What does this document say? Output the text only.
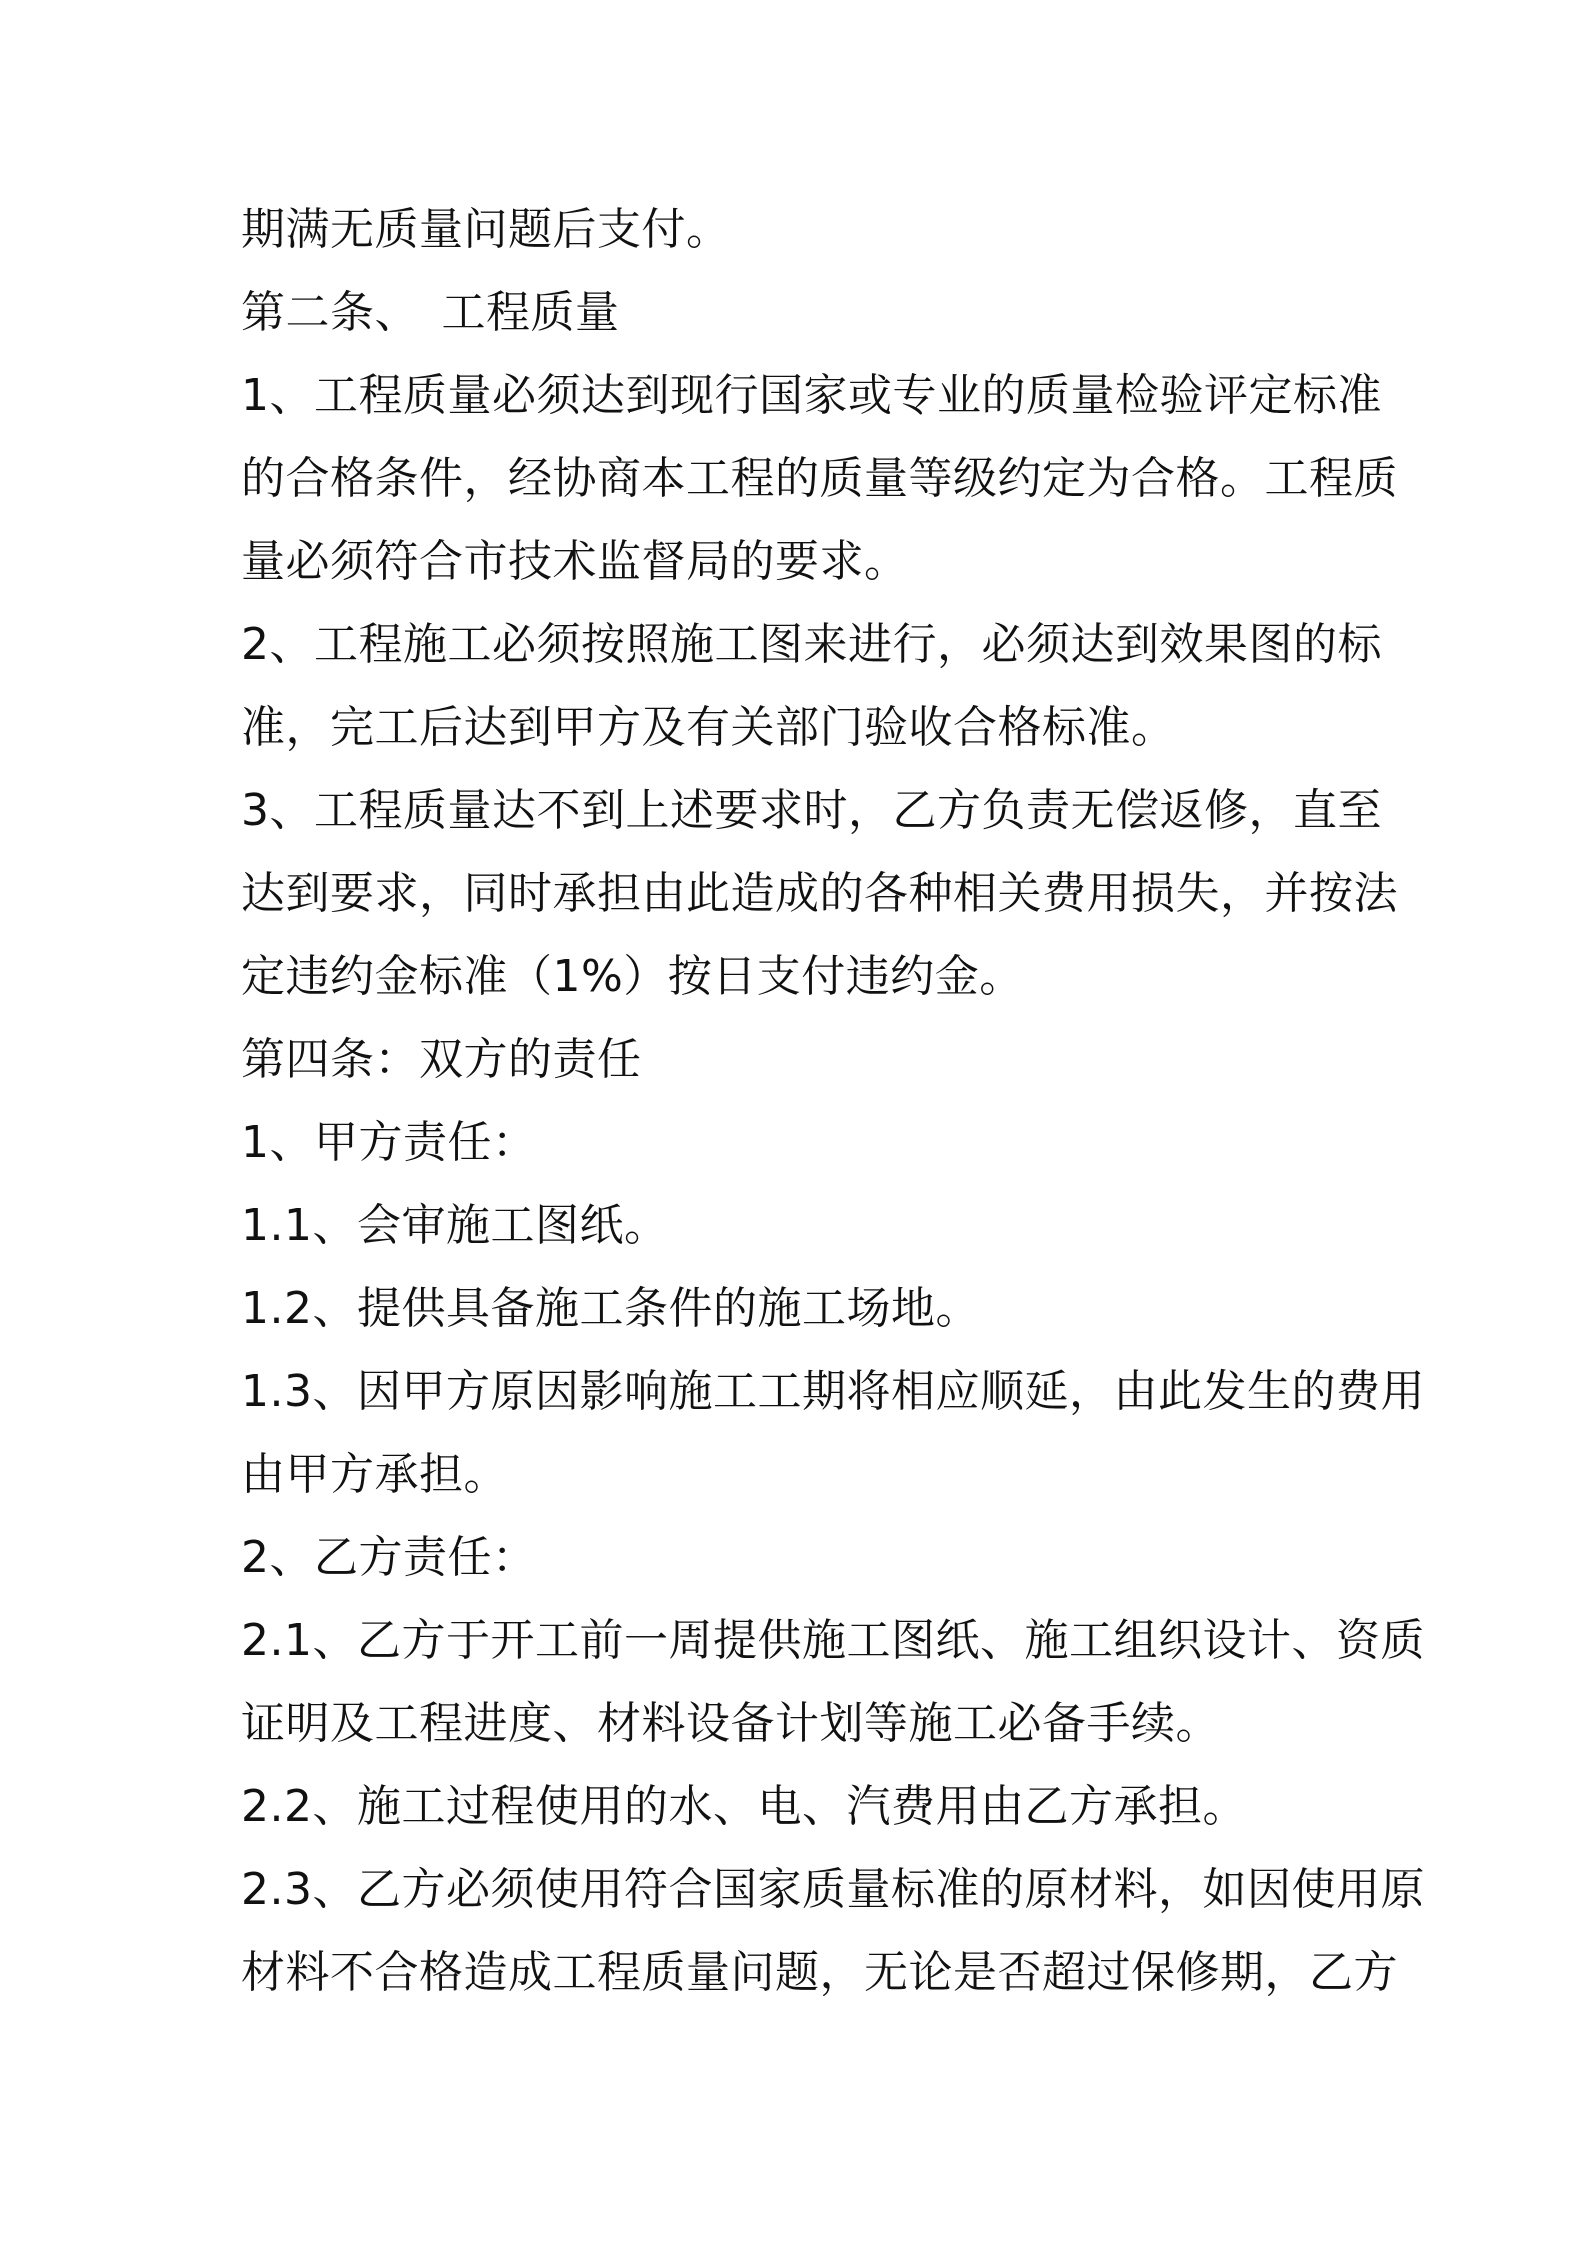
期满无质量问题后支付。
第二条、　工程质量
1、工程质量必须达到现行国家或专业的质量检验评定标准
的合格条件，经协商本工程的质量等级约定为合格。工程质
量必须符合市技术监督局的要求。
2、工程施工必须按照施工图来进行，必须达到效果图的标
准，完工后达到甲方及有关部门验收合格标准。
3、工程质量达不到上述要求时，乙方负责无偿返修，直至
达到要求，同时承担由此造成的各种相关费用损失，并按法
定违约金标准（1%）按日支付违约金。
第四条：双方的责任
1、甲方责任：
1.1、会审施工图纸。
1.2、提供具备施工条件的施工场地。
1.3、因甲方原因影响施工工期将相应顺延，由此发生的费用
由甲方承担。
2、乙方责任：
2.1、乙方于开工前一周提供施工图纸、施工组织设计、资质
证明及工程进度、材料设备计划等施工必备手续。
2.2、施工过程使用的水、电、汽费用由乙方承担。
2.3、乙方必须使用符合国家质量标准的原材料，如因使用原
材料不合格造成工程质量问题，无论是否超过保修期，乙方
